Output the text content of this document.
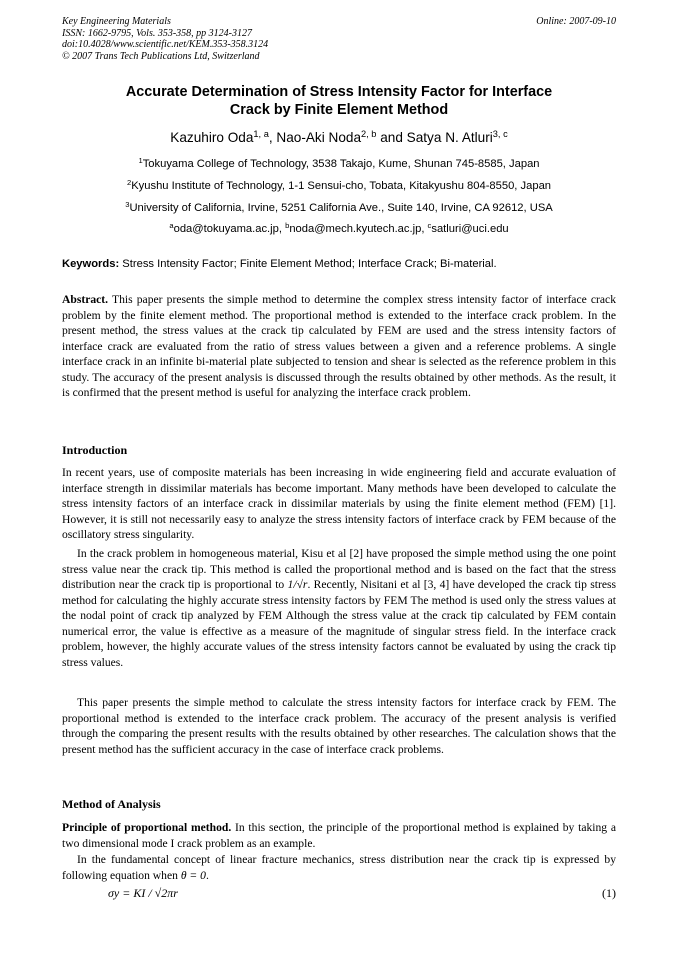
Key Engineering Materials
ISSN: 1662-9795, Vols. 353-358, pp 3124-3127
doi:10.4028/www.scientific.net/KEM.353-358.3124
© 2007 Trans Tech Publications Ltd, Switzerland
Online: 2007-09-10
Accurate Determination of Stress Intensity Factor for Interface
Crack by Finite Element Method
Kazuhiro Oda$^{1, a}$, Nao-Aki Noda$^{2, b}$ and Satya N. Atluri$^{3, c}$
$^1$Tokuyama College of Technology, 3538 Takajo, Kume, Shunan 745-8585, Japan
$^2$Kyushu Institute of Technology, 1-1 Sensui-cho, Tobata, Kitakyushu 804-8550, Japan
$^3$University of California, Irvine, 5251 California Ave., Suite 140, Irvine, CA 92612, USA
$^a$oda@tokuyama.ac.jp, $^b$noda@mech.kyutech.ac.jp, $^c$satluri@uci.edu
Keywords: Stress Intensity Factor; Finite Element Method; Interface Crack; Bi-material.
Abstract. This paper presents the simple method to determine the complex stress intensity factor of interface crack problem by the finite element method. The proportional method is extended to the interface crack problem. In the present method, the stress values at the crack tip calculated by FEM are used and the stress intensity factors of interface crack are evaluated from the ratio of stress values between a given and a reference problems. A single interface crack in an infinite bi-material plate subjected to tension and shear is selected as the reference problem in this study. The accuracy of the present analysis is discussed through the results obtained by other methods. As the result, it is confirmed that the present method is useful for analyzing the interface crack problem.
Introduction
In recent years, use of composite materials has been increasing in wide engineering field and accurate evaluation of interface strength in dissimilar materials has become important. Many methods have been developed to calculate the stress intensity factors of an interface crack in dissimilar materials by using the finite element method (FEM) [1]. However, it is still not necessarily easy to analyze the stress intensity factors of interface crack by FEM because of the oscillatory stress singularity.
In the crack problem in homogeneous material, Kisu et al [2] have proposed the simple method using the one point stress value near the crack tip. This method is called the proportional method and is based on the fact that the stress distribution near the crack tip is proportional to 1/√r. Recently, Nisitani et al [3, 4] have developed the crack tip stress method for calculating the highly accurate stress intensity factors by FEM The method is used only the stress values at the nodal point of crack tip analyzed by FEM Although the stress value at the crack tip calculated by FEM contain numerical error, the value is effective as a measure of the magnitude of singular stress field. In the interface crack problem, however, the highly accurate values of the stress intensity factors cannot be evaluated by using the crack tip stress values.
This paper presents the simple method to calculate the stress intensity factors for interface crack by FEM. The proportional method is extended to the interface crack problem. The accuracy of the present analysis is verified through the comparing the present results with the results obtained by other researches. The calculation shows that the present method has the sufficient accuracy in the case of interface crack problems.
Method of Analysis
Principle of proportional method. In this section, the principle of the proportional method is explained by taking a two dimensional mode I crack problem as an example.
In the fundamental concept of linear fracture mechanics, stress distribution near the crack tip is expressed by following equation when θ = 0.
σy = KI / √2πr	(1)
